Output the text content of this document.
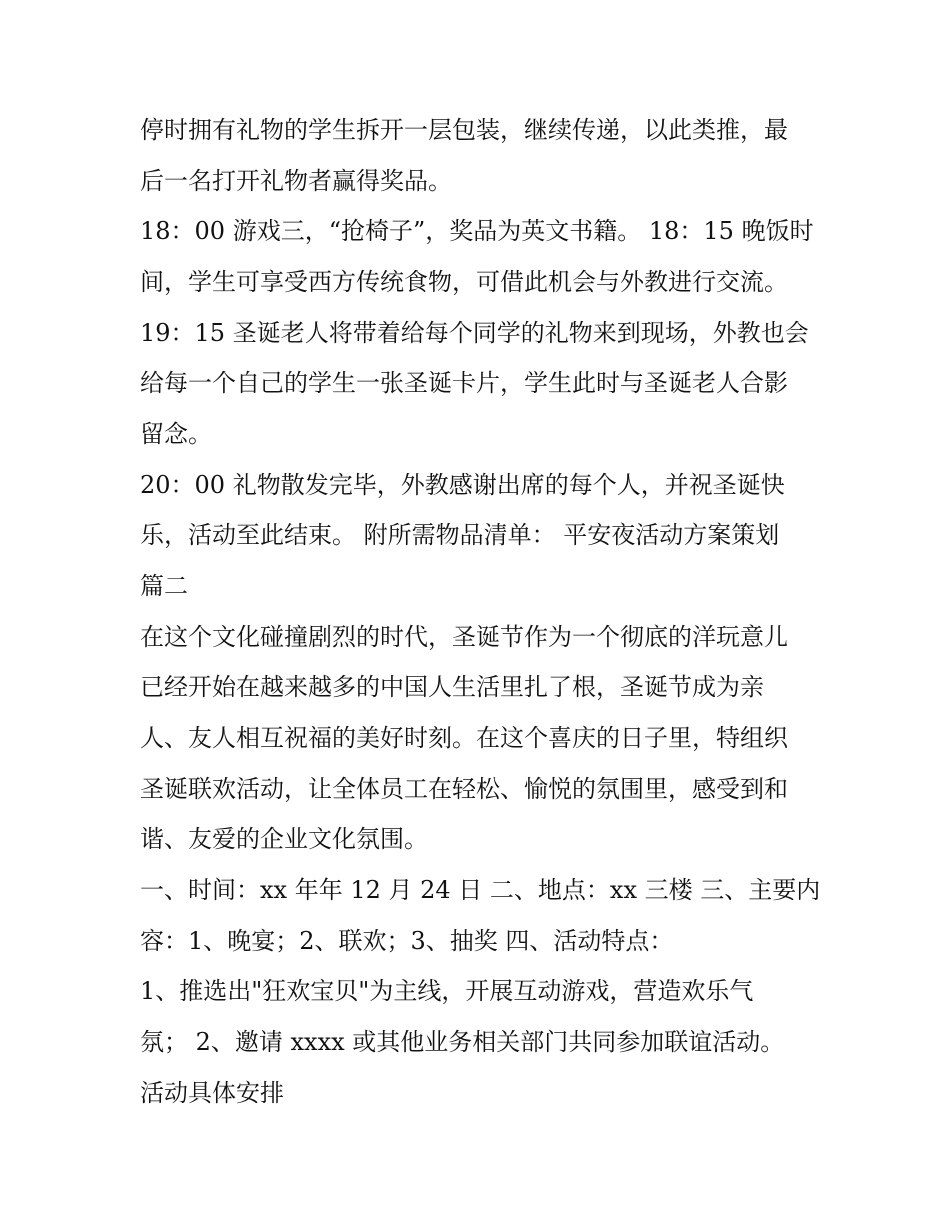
停时拥有礼物的学生拆开一层包装，继续传递，以此类推，最
后一名打开礼物者赢得奖品。
18：00 游戏三，“抢椅子”，奖品为英文书籍。 18：15 晚饭时
间，学生可享受西方传统食物，可借此机会与外教进行交流。
19：15 圣诞老人将带着给每个同学的礼物来到现场，外教也会
给每一个自己的学生一张圣诞卡片，学生此时与圣诞老人合影
留念。
20：00 礼物散发完毕，外教感谢出席的每个人，并祝圣诞快
乐，活动至此结束。 附所需物品清单： 平安夜活动方案策划
篇二
在这个文化碰撞剧烈的时代，圣诞节作为一个彻底的洋玩意儿
已经开始在越来越多的中国人生活里扎了根，圣诞节成为亲
人、友人相互祝福的美好时刻。在这个喜庆的日子里，特组织
圣诞联欢活动，让全体员工在轻松、愉悦的氛围里，感受到和
谐、友爱的企业文化氛围。
一、时间：xx 年年 12 月 24 日 二、地点：xx 三楼 三、主要内
容：1、晚宴；2、联欢；3、抽奖 四、活动特点：
1、推选出"狂欢宝贝"为主线，开展互动游戏，营造欢乐气
氛； 2、邀请 xxxx 或其他业务相关部门共同参加联谊活动。
活动具体安排
